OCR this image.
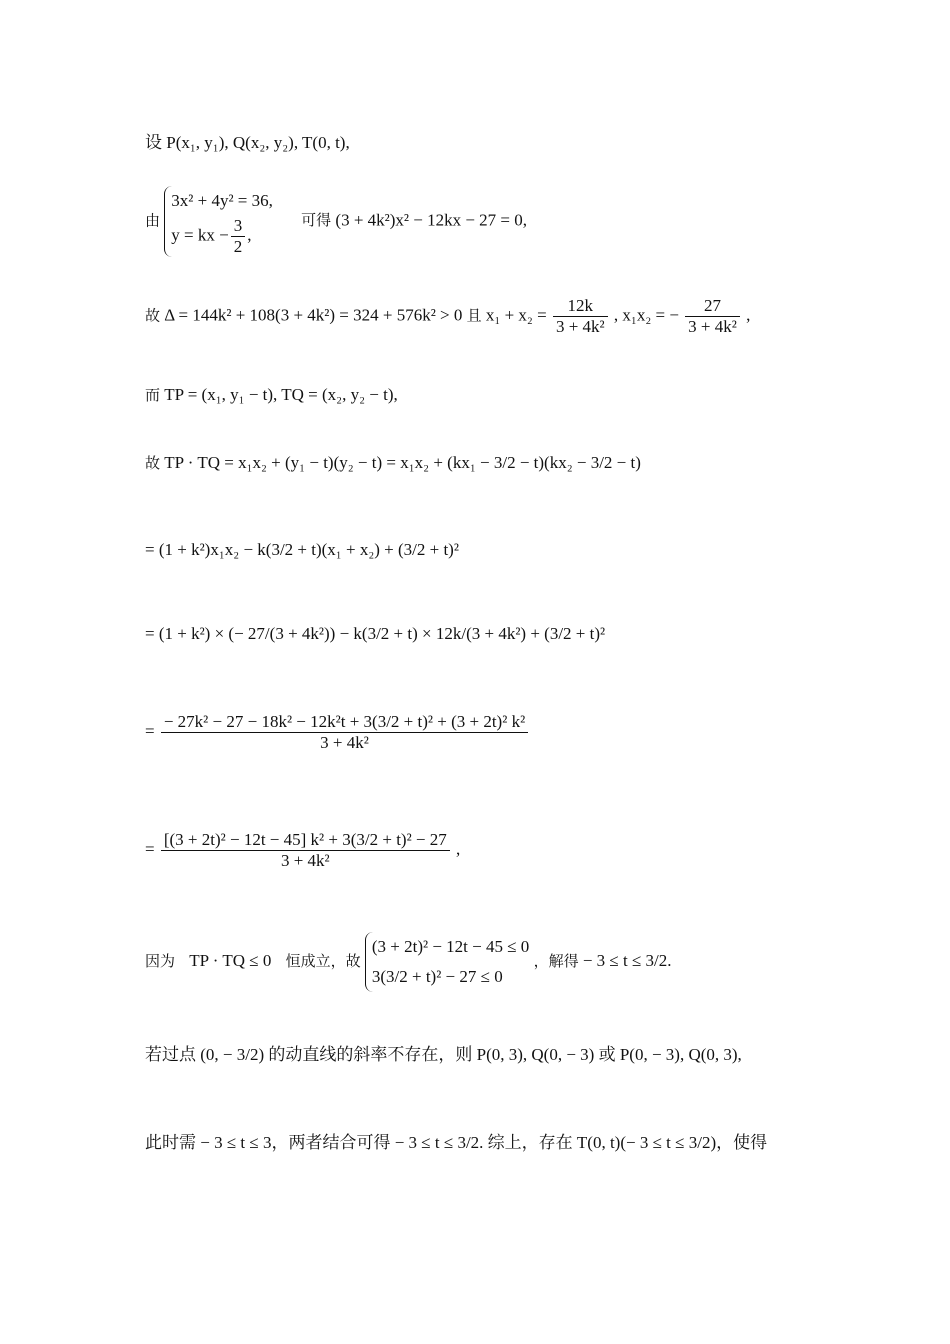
设 P(x₁, y₁), Q(x₂, y₂), T(0, t),
由
3x² + 4y² = 36,
y = kx − $\frac{3}{2}$ ,
可得 (3 + 4k²)x² − 12kx − 27 = 0,
故 Δ = 144k² + 108(3 + 4k²) = 324 + 576k² > 0 且 $x_1 + x_2 = \frac{12k}{\text{3 + 4k²}}$ , x₁x₂ = − $\frac{27}{\text{3 + 4k²}}$ ,
而 TP = (x₁, y₁ − t), TQ = (x₂, y₂ − t),
故 TP · TQ = x₁x₂ + (y₁ − t)(y₂ − t) = x₁x₂ + (kx₁ − 3/2 − t)(kx₂ − 3/2 − t)
= (1 + k²)x₁x₂ − k(3/2 + t)(x₁ + x₂) + (3/2 + t)²
= (1 + k²) × (− 27/(3 + 4k²)) − k(3/2 + t) × 12k/(3 + 4k²) + (3/2 + t)²
= $\frac{\text{− 27k² − 27 − 18k² − 12k²t + 3(3/2 + t)² + (3 + 2t)² k²}}{\text{3 + 4k²}}$
= $\frac{\text{[(3 + 2t)² − 12t − 45] k² + 3(3/2 + t)² − 27}}{\text{3 + 4k²}}$ ,
因为 TP · TQ ≤ 0 恒成立，故
(3 + 2t)² − 12t − 45 ≤ 0
3(3/2 + t)² − 27 ≤ 0
，解得 − 3 ≤ t ≤ 3/2.
若过点 (0, − 3/2) 的动直线的斜率不存在，则 P(0, 3), Q(0, − 3) 或 P(0, − 3), Q(0, 3),
此时需 − 3 ≤ t ≤ 3，两者结合可得 − 3 ≤ t ≤ 3/2. 综上，存在 T(0, t)(− 3 ≤ t ≤ 3/2)，使得
